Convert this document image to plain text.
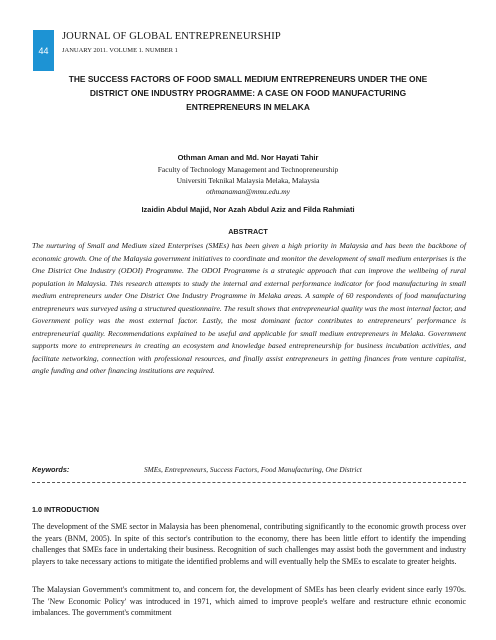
44
JOURNAL OF GLOBAL ENTREPRENEURSHIP
JANUARY 2011. VOLUME 1. NUMBER 1
THE SUCCESS FACTORS OF FOOD SMALL MEDIUM ENTREPRENEURS UNDER THE ONE DISTRICT ONE INDUSTRY PROGRAMME: A CASE ON FOOD MANUFACTURING ENTREPRENEURS IN MELAKA
Othman Aman and Md. Nor Hayati Tahir
Faculty of Technology Management and Technopreneurship
Universiti Teknikal Malaysia Melaka, Malaysia
othmanaman@mmu.edu.my
Izaidin Abdul Majid, Nor Azah Abdul Aziz and Filda Rahmiati
ABSTRACT

The nurturing of Small and Medium sized Enterprises (SMEs) has been given a high priority in Malaysia and has been the backbone of economic growth. One of the Malaysia government initiatives to coordinate and monitor the development of small medium enterprises is the One District One Industry (ODOI) Programme. The ODOI Programme is a strategic approach that can improve the wellbeing of rural population in Malaysia. This research attempts to study the internal and external performance indicator for food manufacturing in small medium entrepreneurs under One District One Industry Programme in Melaka areas. A sample of 60 respondents of food manufacturing entrepreneurs was surveyed using a structured questionnaire. The result shows that entrepreneurial quality was the most internal factor, and Government policy was the most external factor. Lastly, the most dominant factor contributes to entrepreneurs' performance is entrepreneurial quality. Recommendations explained to be useful and applicable for small medium entrepreneurs in Melaka. Government supports more to entrepreneurs in creating an ecosystem and knowledge based entrepreneurship for business incubation activities, and facilitate networking, connection with professional resources, and finally assist entrepreneurs in getting finances from venture capitalist, angle funding and other financing institutions are required.

Keywords:	SMEs, Entrepreneurs, Success Factors, Food Manufacturing, One District
1.0 INTRODUCTION

The development of the SME sector in Malaysia has been phenomenal, contributing significantly to the economic growth process over the years (BNM, 2005). In spite of this sector's contribution to the economy, there has been little effort to identify the impending challenges that SMEs face in undertaking their business. Recognition of such challenges may assist both the government and industry players to take necessary actions to mitigate the identified problems and will eventually help the SMEs to escalate to greater heights.

The Malaysian Government's commitment to, and concern for, the development of SMEs has been clearly evident since early 1970s. The 'New Economic Policy' was introduced in 1971, which aimed to improve people's welfare and restructure ethnic economic imbalances. The government's commitment
